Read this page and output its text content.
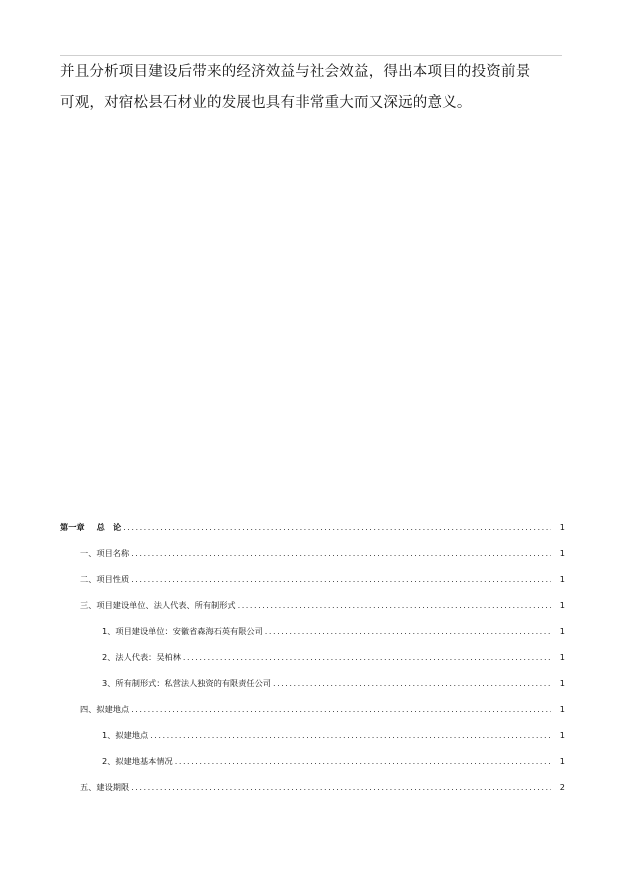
并且分析项目建设后带来的经济效益与社会效益，得出本项目的投资前景
可观，对宿松县石材业的发展也具有非常重大而又深远的意义。
第一章 总　论 .....	1
一、项目名称 .....	1
二、项目性质 .....	1
三、项目建设单位、法人代表、所有制形式 .....	1
1、项目建设单位：安徽省森海石英有限公司 .....	1
2、法人代表：吴柏林 .....	1
3、所有制形式：私营法人独资的有限责任公司 .....	1
四、拟建地点 .....	1
1、拟建地点 .....	1
2、拟建地基本情况 .....	1
五、建设期限 .....	2
